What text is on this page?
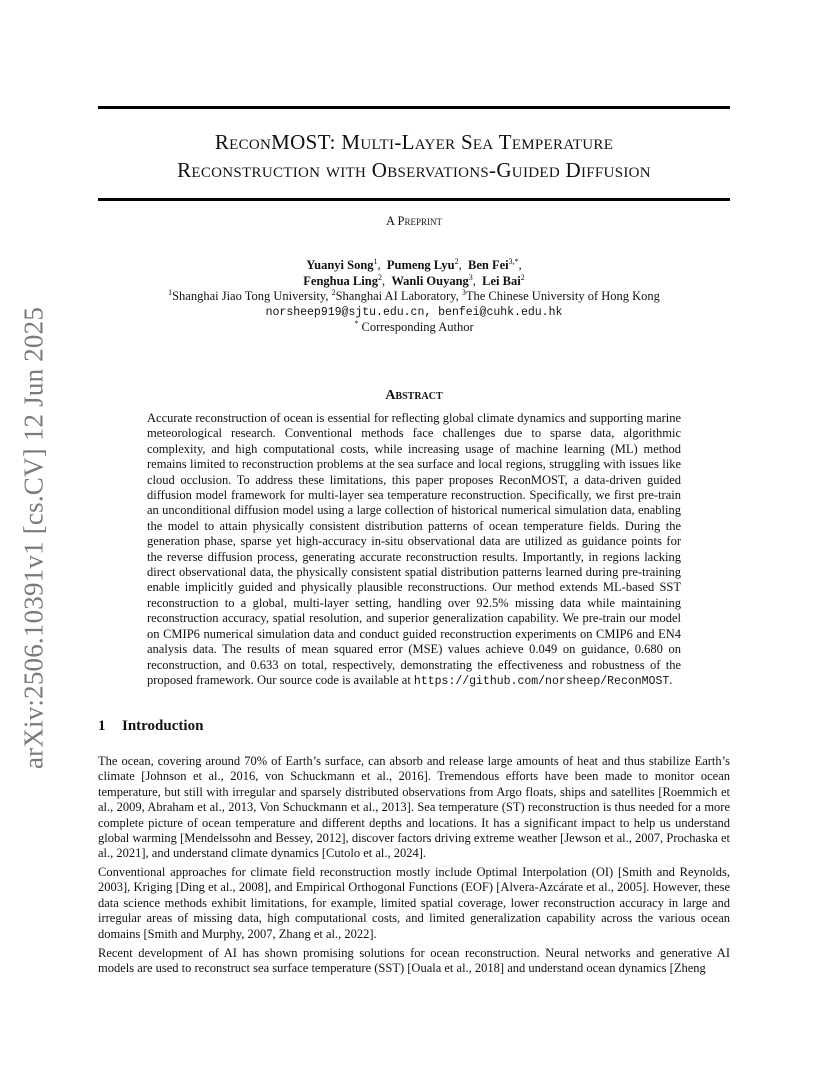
arXiv:2506.10391v1 [cs.CV] 12 Jun 2025
ReconMOST: Multi-Layer Sea Temperature
Reconstruction with Observations-Guided Diffusion
A Preprint
Yuanyi Song$^1$,  Pumeng Lyu$^2$,  Ben Fei$^{3,*}$,
Fenghua Ling$^2$,  Wanli Ouyang$^3$,  Lei Bai$^2$
$^1$Shanghai Jiao Tong University, $^2$Shanghai AI Laboratory, $^3$The Chinese University of Hong Kong
norsheep919@sjtu.edu.cn, benfei@cuhk.edu.hk
* Corresponding Author
Abstract

Accurate reconstruction of ocean is essential for reflecting global climate dynamics and supporting marine meteorological research. Conventional methods face challenges due to sparse data, algorithmic complexity, and high computational costs, while increasing usage of machine learning (ML) method remains limited to reconstruction problems at the sea surface and local regions, struggling with issues like cloud occlusion. To address these limitations, this paper proposes ReconMOST, a data-driven guided diffusion model framework for multi-layer sea temperature reconstruction. Specifically, we first pre-train an unconditional diffusion model using a large collection of historical numerical simulation data, enabling the model to attain physically consistent distribution patterns of ocean temperature fields. During the generation phase, sparse yet high-accuracy in-situ observational data are utilized as guidance points for the reverse diffusion process, generating accurate reconstruction results. Importantly, in regions lacking direct observational data, the physically consistent spatial distribution patterns learned during pre-training enable implicitly guided and physically plausible reconstructions. Our method extends ML-based SST reconstruction to a global, multi-layer setting, handling over 92.5% missing data while maintaining reconstruction accuracy, spatial resolution, and superior generalization capability. We pre-train our model on CMIP6 numerical simulation data and conduct guided reconstruction experiments on CMIP6 and EN4 analysis data. The results of mean squared error (MSE) values achieve 0.049 on guidance, 0.680 on reconstruction, and 0.633 on total, respectively, demonstrating the effectiveness and robustness of the proposed framework. Our source code is available at https://github.com/norsheep/ReconMOST.

1 Introduction

The ocean, covering around 70% of Earth’s surface, can absorb and release large amounts of heat and thus stabilize Earth’s climate [Johnson et al., 2016, von Schuckmann et al., 2016]. Tremendous efforts have been made to monitor ocean temperature, but still with irregular and sparsely distributed observations from Argo floats, ships and satellites [Roemmich et al., 2009, Abraham et al., 2013, Von Schuckmann et al., 2013]. Sea temperature (ST) reconstruction is thus needed for a more complete picture of ocean temperature and different depths and locations. It has a significant impact to help us understand global warming [Mendelssohn and Bessey, 2012], discover factors driving extreme weather [Jewson et al., 2007, Prochaska et al., 2021], and understand climate dynamics [Cutolo et al., 2024].

Conventional approaches for climate field reconstruction mostly include Optimal Interpolation (OI) [Smith and Reynolds, 2003], Kriging [Ding et al., 2008], and Empirical Orthogonal Functions (EOF) [Alvera-Azcárate et al., 2005]. However, these data science methods exhibit limitations, for example, limited spatial coverage, lower reconstruction accuracy in large and irregular areas of missing data, high computational costs, and limited generalization capability across the various ocean domains [Smith and Murphy, 2007, Zhang et al., 2022].

Recent development of AI has shown promising solutions for ocean reconstruction. Neural networks and generative AI models are used to reconstruct sea surface temperature (SST) [Ouala et al., 2018] and understand ocean dynamics [Zheng
